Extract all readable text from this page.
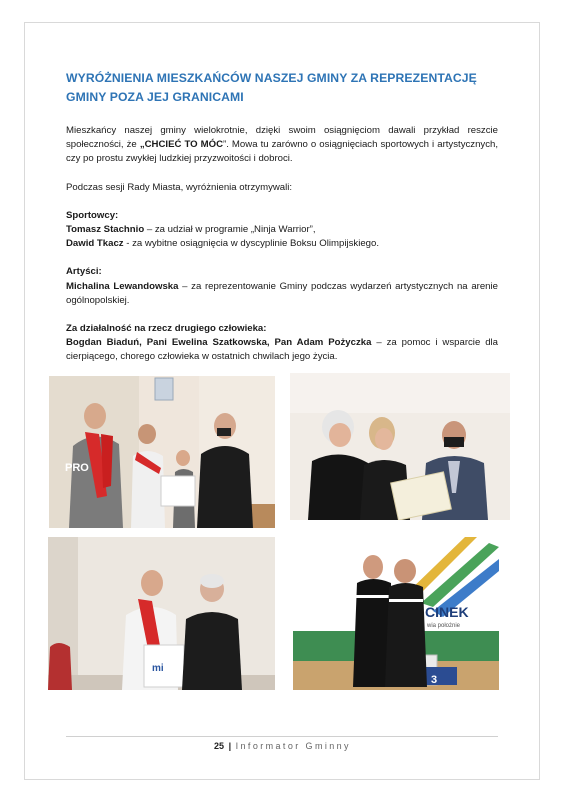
WYRÓŻNIENIA MIESZKAŃCÓW NASZEJ GMINY ZA REPREZENTACJĘ
GMINY POZA JEJ GRANICAMI

Mieszkańcy naszej gminy wielokrotnie, dzięki swoim osiągnięciom dawali przykład reszcie społeczności, że „CHCIEĆ TO MÓC”. Mowa tu zarówno o osiągnięciach sportowych i artystycznych, czy po prostu zwykłej ludzkiej przyzwoitości i dobroci.

Podczas sesji Rady Miasta, wyróżnienia otrzymywali:

Sportowcy:

Tomasz Stachnio – za udział w programie „Ninja Warrior”,

Dawid Tkacz - za wybitne osiągnięcia w dyscyplinie Boksu Olimpijskiego.

Artyści:

Michalina Lewandowska – za reprezentowanie Gminy podczas wydarzeń artystycznych na arenie ogólnopolskiej.

Za działalność na rzecz drugiego człowieka:

Bogdan Biaduń, Pani Ewelina Szatkowska, Pan Adam Pożyczka – za pomoc i wsparcie dla cierpiącego, chorego człowieka w ostatnich chwilach jego życia.

PRO
mi
CINEK
wia położnie
3
25 | Informator Gminny
